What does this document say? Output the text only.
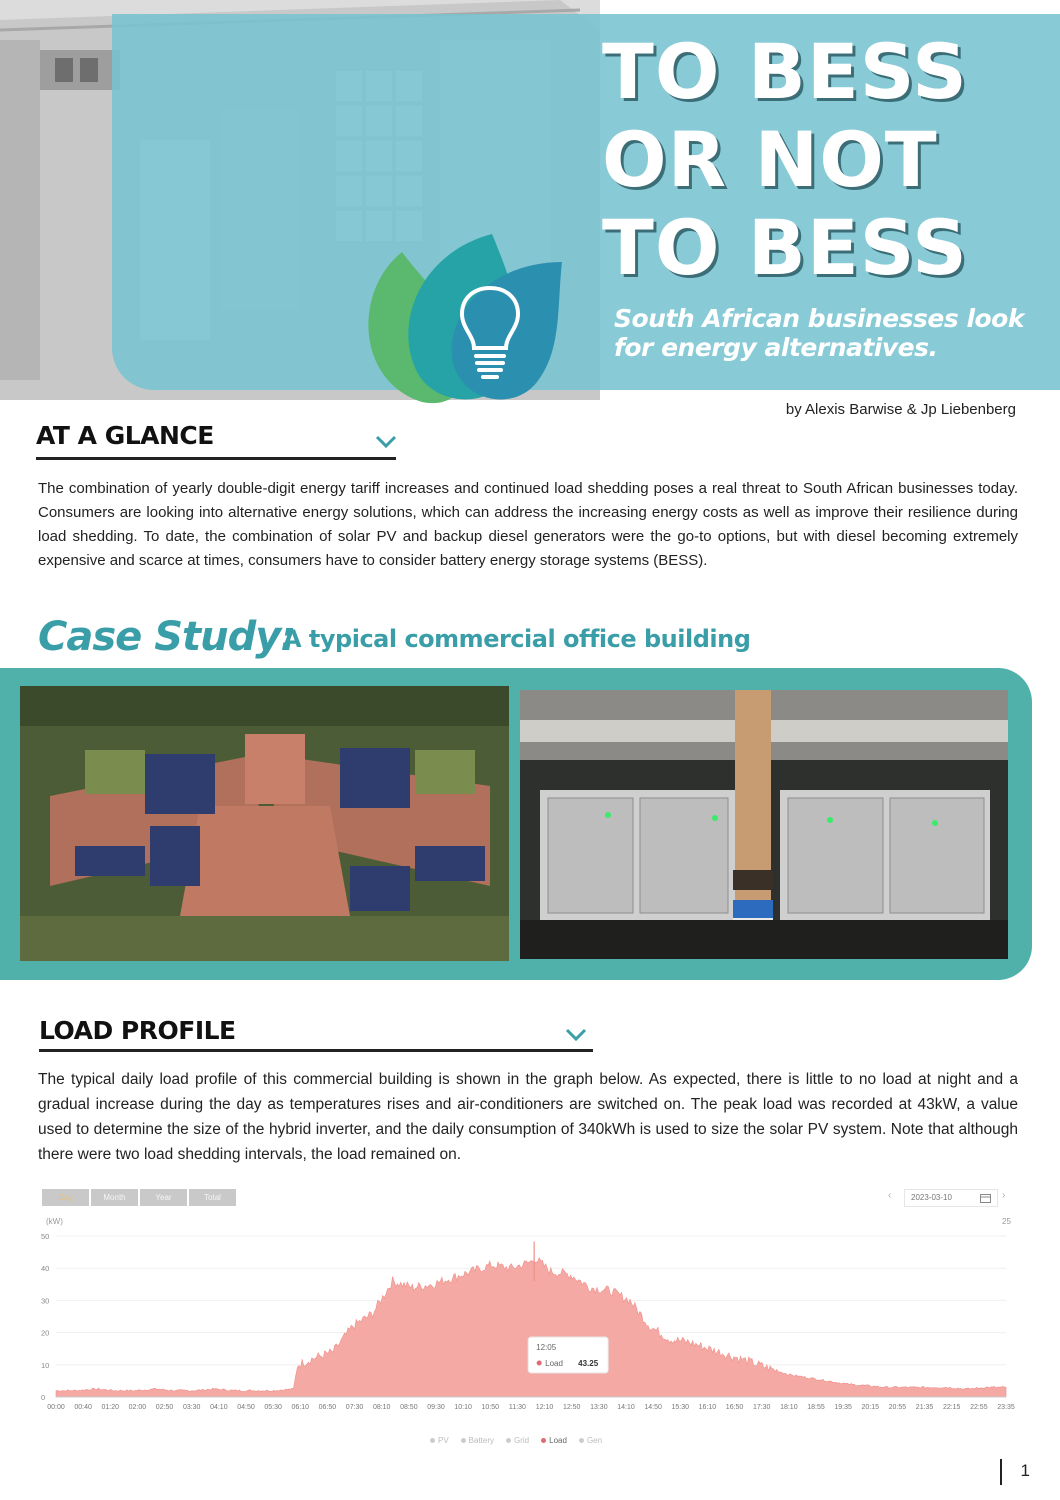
TO BESS
OR NOT
TO BESS
South African businesses look
for energy alternatives.
by Alexis Barwise & Jp Liebenberg
AT A GLANCE
The combination of yearly double-digit energy tariff increases and continued load shedding poses a real threat to South African businesses today. Consumers are looking into alternative energy solutions, which can address the increasing energy costs as well as improve their resilience during load shedding. To date, the combination of solar PV and backup diesel generators were the go-to options, but with diesel becoming extremely expensive and scarce at times, consumers have to consider battery energy storage systems (BESS).
Case Study:
A typical commercial office building
LOAD PROFILE
The typical daily load profile of this commercial building is shown in the graph below. As expected, there is little to no load at night and a gradual increase during the day as temperatures rises and air-conditioners are switched on. The peak load was recorded at 43kW, a value used to determine the size of the hybrid inverter, and the daily consumption of 340kWh is used to size the solar PV system. Note that although there were two load shedding intervals, the load remained on.
Day	Month	Year	Total	‹	2023-03-10	›
(kW)	25
0
10
20
30
40
50
00:00 00:40 01:20 02:00 02:50 03:30 04:10 04:50 05:30 06:10 06:50 07:30 08:10 08:50 09:30 10:10 10:50 11:30 12:10 12:50 13:30 14:10 14:50 15:30 16:10 16:50 17:30 18:10 18:55 19:35 20:15 20:55 21:35 22:15 22:55 23:35
12:05
Load 43.25
PV	Battery	Grid	Load	Gen
1
